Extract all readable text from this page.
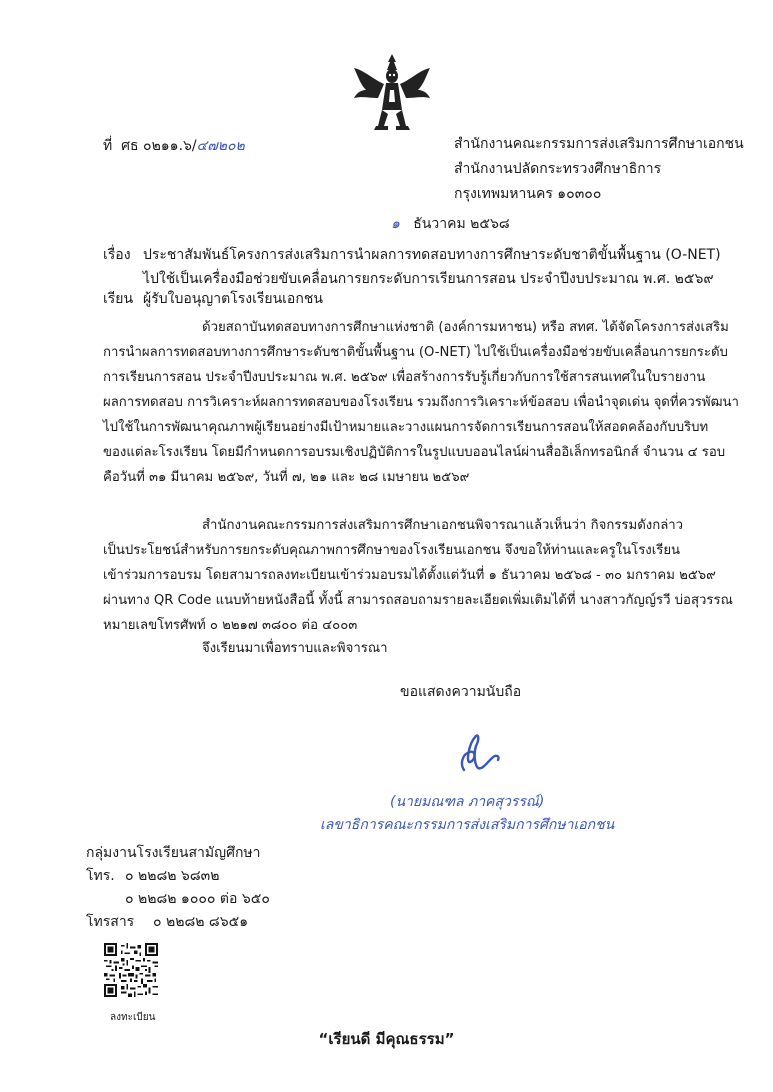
ที่ ศธ ๐๒๑๑.๖/๔๗๒๐๒	สำนักงานคณะกรรมการส่งเสริมการศึกษาเอกชน
สำนักงานปลัดกระทรวงศึกษาธิการ
กรุงเทพมหานคร ๑๐๓๐๐
๑ ธันวาคม ๒๕๖๘
เรื่อง ประชาสัมพันธ์โครงการส่งเสริมการนำผลการทดสอบทางการศึกษาระดับชาติขั้นพื้นฐาน (O-NET)
ไปใช้เป็นเครื่องมือช่วยขับเคลื่อนการยกระดับการเรียนการสอน ประจำปีงบประมาณ พ.ศ. ๒๕๖๙
เรียน ผู้รับใบอนุญาตโรงเรียนเอกชน
ด้วยสถาบันทดสอบทางการศึกษาแห่งชาติ (องค์การมหาชน) หรือ สทศ. ได้จัดโครงการส่งเสริม
การนำผลการทดสอบทางการศึกษาระดับชาติขั้นพื้นฐาน (O-NET) ไปใช้เป็นเครื่องมือช่วยขับเคลื่อนการยกระดับ
การเรียนการสอน ประจำปีงบประมาณ พ.ศ. ๒๕๖๙ เพื่อสร้างการรับรู้เกี่ยวกับการใช้สารสนเทศในใบรายงาน
ผลการทดสอบ การวิเคราะห์ผลการทดสอบของโรงเรียน รวมถึงการวิเคราะห์ข้อสอบ เพื่อนำจุดเด่น จุดที่ควรพัฒนา
ไปใช้ในการพัฒนาคุณภาพผู้เรียนอย่างมีเป้าหมายและวางแผนการจัดการเรียนการสอนให้สอดคล้องกับบริบท
ของแต่ละโรงเรียน โดยมีกำหนดการอบรมเชิงปฏิบัติการในรูปแบบออนไลน์ผ่านสื่ออิเล็กทรอนิกส์ จำนวน ๔ รอบ
คือวันที่ ๓๑ มีนาคม ๒๕๖๙, วันที่ ๗, ๒๑ และ ๒๘ เมษายน ๒๕๖๙
สำนักงานคณะกรรมการส่งเสริมการศึกษาเอกชนพิจารณาแล้วเห็นว่า กิจกรรมดังกล่าว
เป็นประโยชน์สำหรับการยกระดับคุณภาพการศึกษาของโรงเรียนเอกชน จึงขอให้ท่านและครูในโรงเรียน
เข้าร่วมการอบรม โดยสามารถลงทะเบียนเข้าร่วมอบรมได้ตั้งแต่วันที่ ๑ ธันวาคม ๒๕๖๘ - ๓๐ มกราคม ๒๕๖๙
ผ่านทาง QR Code แนบท้ายหนังสือนี้ ทั้งนี้ สามารถสอบถามรายละเอียดเพิ่มเติมได้ที่ นางสาวกัญญ์รวี บ่อสุวรรณ
หมายเลขโทรศัพท์ ๐ ๒๒๑๗ ๓๘๐๐ ต่อ ๔๐๐๓
จึงเรียนมาเพื่อทราบและพิจารณา
ขอแสดงความนับถือ
(นายมณฑล ภาคสุวรรณ์)
เลขาธิการคณะกรรมการส่งเสริมการศึกษาเอกชน
กลุ่มงานโรงเรียนสามัญศึกษา
โทร. ๐ ๒๒๘๒ ๖๘๓๒
๐ ๒๒๘๒ ๑๐๐๐ ต่อ ๖๕๐
โทรสาร ๐ ๒๒๘๒ ๘๖๕๑
ลงทะเบียน
“เรียนดี มีคุณธรรม”
